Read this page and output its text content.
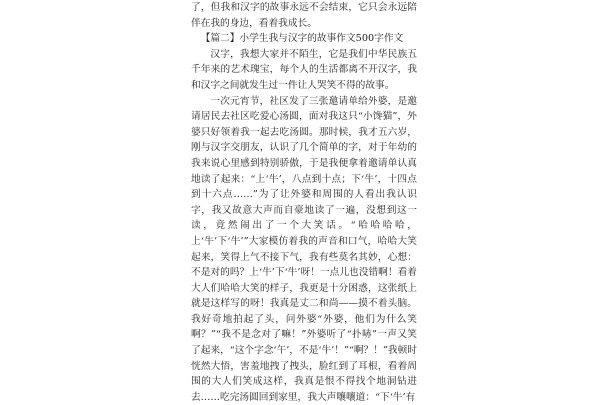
了，但我和汉字的故事永远不会结束，它只会永远陪伴在我的身边，看着我成长。

【篇二】小学生我与汉字的故事作文500字作文

汉字，我想大家并不陌生，它是我们中华民族五千年来的艺术瑰宝，每个人的生活都离不开汉字，我和汉字之间就发生过一件让人哭笑不得的故事。

一次元宵节，社区发了三张邀请单给外婆，是邀请居民去社区吃爱心汤圆，面对我这只“小馋猫”，外婆只好领着我一起去吃汤圆。那时候，我才五六岁，刚与汉字交朋友，认识了几个简单的字，对于年幼的我来说心里感到特别骄傲，于是我便拿着邀请单认真地读了起来：“上‘牛’，八点到十点；下‘牛’，十四点到十六点……”为了让外婆和周围的人看出我认识字，我又故意大声而自豪地读了一遍，没想到这一读，竟然闹出了一个大笑话。“哈哈哈哈，上‘牛’下‘牛’”大家模仿着我的声音和口气，哈哈大笑起来，笑得上气不接下气，我有些莫名其妙，心想：不是对的吗？上‘牛’下‘牛’呀！一点儿也没错啊！看着大人们哈哈大笑的样子，我更是十分困惑，这张纸上就是这样写的呀！我真是丈二和尚——摸不着头脑。我好奇地拍起了头，问外婆“外婆，他们为什么笑啊？”“我不是念对了嘛！”外婆听了“扑哧”一声又笑了起来，“这个字念‘午’，不是‘牛’！”“啊？！”我顿时恍然大悟，害羞地拽了拽头，脸红到了耳根，看着周围的大人们笑成这样，我真是恨不得找个地洞钻进去……吃完汤圆回到家里，我大声嚷嚷道：“下‘牛’有
